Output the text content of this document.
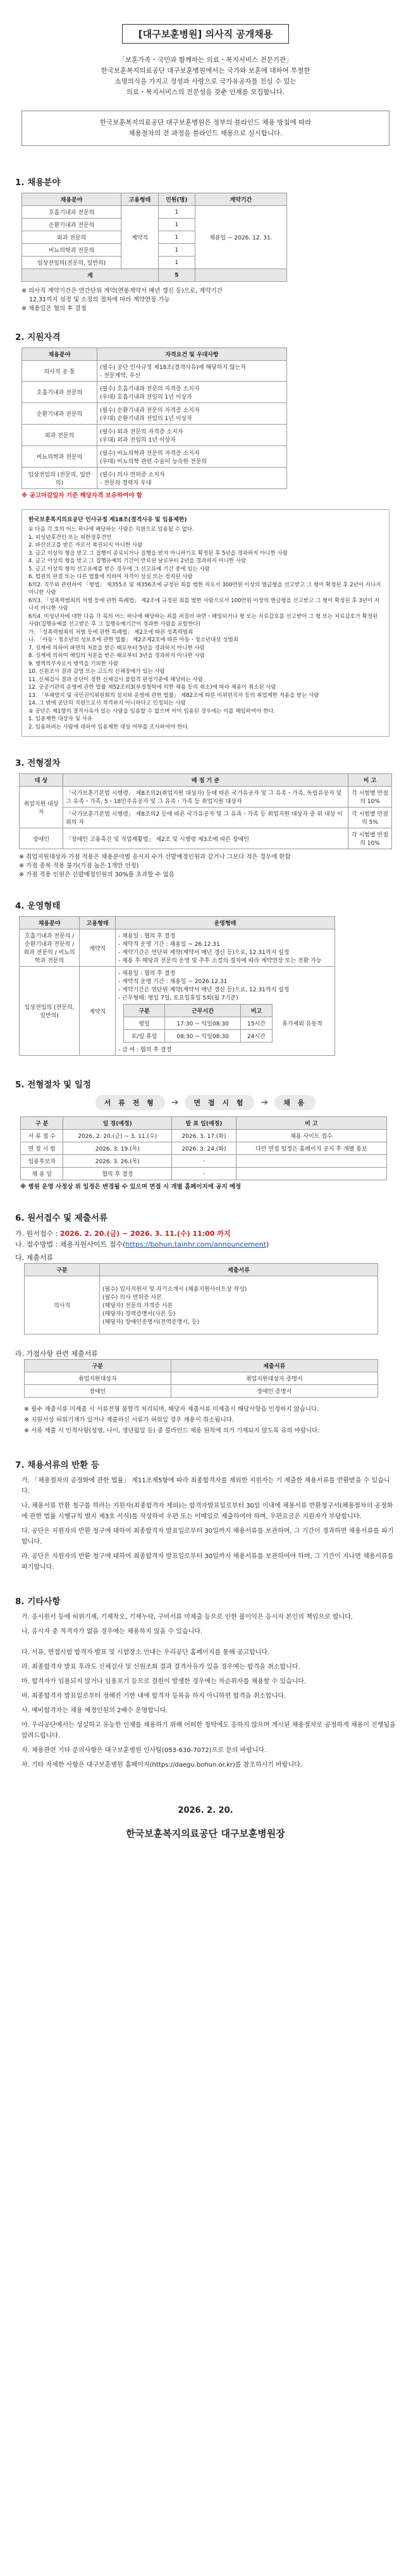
[대구보훈병원] 의사직 공개채용

「보훈가족・국민과 함께하는 의료・복지서비스 전문기관」

한국보훈복지의료공단 대구보훈병원에서는 국가와 보훈에 대하여 투철한

소명의식을 가지고 정성과 사랑으로 국가유공자를 진심 수 있는

의료・복지서비스의 전문성을 갖춘 인재를 모집합니다.

한국보훈복지의료공단 대구보훈병원은 정부의 블라인드 채용 방침에 따라
채용절차의 전 과정을 블라인드 채용으로 실시합니다.
1. 채용분야
채용분야	고용형태	인원(명)	계약기간
호흡기내과 전문의	계약직	1	채용일 ~ 2026. 12. 31.
순환기내과 전문의		1	
외과 전문의		1	
비뇨의학과 전문의		1	
임상전임의(전문의, 일반의)		1	
계		5	
※ 의사직 계약기간은 연간단위 계약(연봉계약서 매년 갱신 등)으로, 계약기간
12.31까지 설정 및 소정의 절차에 따라 계약연장 가능
※ 채용일은 협의 후 결정
2. 지원자격
채용분야	자격요건 및 우대사항
의사직 공 통	(필수) 공단 인사규정 제18조(결격사유)에 해당하지 않는자
- 전문계약, 우선

호흡기내과 전문의	(필수) 호흡기내과 전문의 자격증 소지자
(우대) 호흡기내과 전임의 1년 이상자

순환기내과 전문의	(필수) 순환기내과 전문의 자격증 소지자
(우대) 순환기내과 전임의 1년 이상자

외과 전문의	(필수) 외과 전문의 자격증 소지자
(우대) 외과 전임의 1년 이상자

비뇨의학과 전문의	(필수) 비뇨의학과 전문의 자격증 소지자
(우대) 비뇨의학 관련 수술이 능숙한 전문의

임상전임의 (전문의, 일반의)	(필수) 의사 면허증 소지자
- 전문의 경력자 우대
※ 공고마감일자 기준 해당자격 보유하여야 함
한국보훈복지의료공단 인사규정 제18조(결격사유 및 임용제한)
① 다음 각 호의 어느 하나에 해당하는 사람은 직원으로 임용될 수 없다.
1. 피성년후견인 또는 피한정후견인
2. 파산선고를 받은 자로서 복권되지 아니한 사람
3. 금고 이상의 형을 받고 그 집행이 종료되거나 집행을 받지 아니하기로 확정된 후 5년을 경과하지 아니한 사람
4. 금고 이상의 형을 받고 그 집행유예의 기간이 만료된 날로부터 2년을 경과하지 아니한 사람
5. 금고 이상의 형의 선고유예를 받은 경우에 그 선고유예 기간 중에 있는 사람
6. 법원의 판결 또는 다른 법률에 의하여 자격이 상실 또는 정지된 사람
6의2. 직무와 관련하여 「형법」 제355조 및 제356조에 규정된 죄를 범한 자로서 300만원 이상의 벌금형을 선고받고 그 형이 확정된 후 2년이 지나지 아니한 사람
6의3. 「성폭력범죄의 처벌 등에 관한 특례법」 제2조에 규정된 죄를 범한 사람으로서 100만원 이상의 벌금형을 선고받고 그 형이 확정된 후 3년이 지나지 아니한 사람
6의4. 미성년자에 대한 다음 각 목의 어느 하나에 해당하는 죄를 저질러 파면・해임되거나 형 또는 치료감호를 선고받아 그 형 또는 치료감호가 확정된 사람(집행유예를 선고받은 후 그 집행유예기간이 경과한 사람을 포함한다)
가. 「성폭력범죄의 처벌 등에 관한 특례법」 제2조에 따른 성폭력범죄
나. 「아동・청소년의 성보호에 관한 법률」 제2조제2호에 따른 아동・청소년대상 성범죄
7. 징계에 의하여 파면의 처분을 받은 때로부터 5년을 경과하지 아니한 사람
8. 징계에 의하여 해임의 처분을 받은 때로부터 3년을 경과하지 아니한 사람
9. 병역의무자로서 병역을 기피한 사람
10. 신원조사 결과 감염 또는 고도의 신체장애가 있는 사람
11. 신체검사 결과 공단이 정한 신체검사 불합격 판정기준에 해당하는 사람
12. 공공기관의 운영에 관한 법률 제52조의3(부정청탁에 의한 채용 등의 취소)에 따라 채용이 취소된 사람
13. 「부패방지 및 국민권익위원회의 설치와 운영에 관한 법률」 제82조에 따른 비위면직자 등의 취업제한 적용을 받는 사람
14. 그 밖에 공단의 직원으로서 적격하지 아니하다고 인정되는 사람
② 공단은 제1항의 결격사유가 있는 사람을 임용할 수 없으며 이미 임용된 경우에는 이를 해임하여야 한다.
1. 임용제한 대상자 및 사유
2. 임용하려는 사람에 대하여 임용제한 대상 여부를 조사하여야 한다.
3. 전형절차
대 상	배 점 기 준	비 고
취업지원 대상자	「국가보훈기본법 시행령」 제8조의2(취업지원 대상자) 등에 따른 국가유공자 및 그 유족・가족, 독립유공자 및 그 유족・가족, 5・18민주유공자 및 그 유족・가족 등 취업지원 대상자	각 시험별 만점의 10%
	「국가보훈기본법 시행령」 제8조의2 등에 따른 국가유공자 및 그 유족・가족 등 취업지원 대상자 중 위 대상 이외의 자	각 시험별 만점의 5%
장애인	「장애인 고용촉진 및 직업재활법」 제2조 및 시행령 제3조에 따른 장애인	각 시험별 만점의 10%
※ 취업지원대상자 가점 적용은 채용분야별 응시자 수가 선발예정인원과 같거나 그보다 적은 경우에 한함
※ 가점 중복 적용 불가(가점 높은 1개만 인정)
※ 가점 적용 인원은 선발예정인원의 30%를 초과할 수 없음
4. 운영형태
채용분야	고용형태	운영형태
호흡기내과 전문의 / 순환기내과 전문의 / 외과 전문의 / 비뇨의학과 전문의	계약직	
- 채용일 : 협의 후 결정
- 계약직 운영 기간 : 채용일 ~ 26.12.31
- 계약기간은 연단위 계약(계약서 매년 갱신 등)으로, 12.31까지 설정
- 채용 후 해당과 전문의 운영 및 추후 소정의 절차에 따라 계약연장 또는 전환 가능

임상전임의 (전문의, 일반의)	계약직	
- 채용일 : 협의 후 결정
- 계약직 운영 기간 : 채용일 ~ 2026.12.31
- 계약기간은 연단위 계약(계약서 매년 갱신 등)으로, 12.31까지 설정
- 근무형태: 평일 7일, 토요일휴일 5회(월 7기준)
구분	근무시간	비고	휴가제외 유동적
평일	17:30 ~ 익일08:30	15시간
토/일 휴일	08:30 ~ 익일08:30	24시간
- 급 여 : 협의 후 결정
5. 전형절차 및 일정
서 류 전 형	➔	면 접 시 험	➔	채 용
구 분	일 정(예정)	발 표 일(예정)	비 고
서 류 접 수	2026. 2. 20.(금) ~ 3. 11.(수)	2026. 3. 17.(화)	채용 사이트 접수
면 접 시 험	2026. 3. 19.(목)	2026. 3. 24.(화)	다만 면접 일정은 홈페이지 공지 후 개별 통보
임용후보자	2026. 3. 26.(목)	-	
채 용 일	협의 후 결정	-	
※ 병원 운영 사정상 위 일정은 변경될 수 있으며 면접 시 개별 홈페이지에 공지 예정
6. 원서접수 및 제출서류

가. 원서접수 : 2026. 2. 20.(금) ~ 2026. 3. 11.(수) 11:00 까지

나. 접수방법 : 채용지원사이트 접수(https://bohun.tainhr.com/announcement)

다. 제출서류

구분	제출서류
의사직	(필수) 입사지원서 및 자기소개서 (채용지원사이트상 작성)
(필수) 의사 면허증 사본
(해당자) 전문의 자격증 사본
(해당자) 경력증명서(사본 등)
(해당자) 장애인증명서(전역증명서, 등)

라. 가점사항 관련 제출서류

구분	제출서류
취업지원대상자	취업지원대상자 증명서
장애인	장애인 증명서
※ 필수 제출서류 미제출 시 서류전형 불합격 처리되며, 해당자 제출서류 미제출시 해당사항을 인정하지 않습니다.
※ 지원서상 허위기재가 있거나 제출하신 서류가 허위일 경우 채용이 취소됩니다.
※ 서류 제출 시 인적사항(성명, 나이, 생년월일 등) 중 블라인드 채용 원칙에 의거 기재되지 않도록 유의 바랍니다.
7. 채용서류의 반환 등

가. 「채용절차의 공정화에 관한 법률」 제11조제5항에 따라 최종합격자를 제외한 지원자는 기 제출한 채용서류를 반환받을 수 있습니다.

나. 채용서류 반환 청구를 하려는 지원자(최종합격자 제외)는 합격자발표일로부터 30일 이내에 채용서류 반환청구서(채용절차의 공정화에 관한 법률 시행규칙 별지 제3호 서식)를 작성하여 우편 또는 이메일로 제출하여야 하며, 우편요금은 지원자가 부담합니다.

다. 공단은 지원자의 반환 청구에 대하여 최종합격자 발표일로부터 30일까지 채용서류를 보관하며, 그 기간이 경과하면 채용서류를 파기합니다.

라. 공단은 지원자의 반환 청구에 대하여 최종합격자 발표일로부터 30일까지 채용서류를 보관하여야 하며, 그 기간이 지나면 채용서류를 파기합니다.

8. 기타사항

가. 응시원서 등에 허위기재, 기재착오, 기재누락, 구비서류 미제출 등으로 인한 불이익은 응시자 본인의 책임으로 합니다.

나. 응시자 중 적격자가 없을 경우에는 채용하지 않을 수 있습니다.

다. 서류, 면접시험 합격자 발표 및 시험장소 안내는 우리공단 홈페이지를 통해 공고합니다.

라. 최종합격자 발표 후라도 신체검사 및 신원조회 결과 결격사유가 있을 경우에는 합격을 취소합니다.

마. 합격자가 임용되지 않거나 임용포기 등으로 결원이 발생한 경우에는 차순위자를 채용할 수 있습니다.

바. 최종합격자 발표일로부터 정해진 기한 내에 합격자 등록을 하지 아니하면 합격을 취소합니다.

사. 예비합격자는 채용 예정인원의 2배수 운영합니다.

아. 우리공단에서는 성실하고 유능한 인재를 채용하기 위해 어떠한 청탁에도 응하지 않으며 게시된 채용절차로 공정하게 채용이 진행됨을 알려드립니다.

자. 채용관련 기타 문의사항은 대구보훈병원 인사팀(053-630-7072)으로 문의 바랍니다.

차. 기타 자세한 사항은 대구보훈병원 홈페이지(https://daegu.bohun.or.kr)를 참조하시기 바랍니다.

2026. 2. 20.
한국보훈복지의료공단 대구보훈병원장
